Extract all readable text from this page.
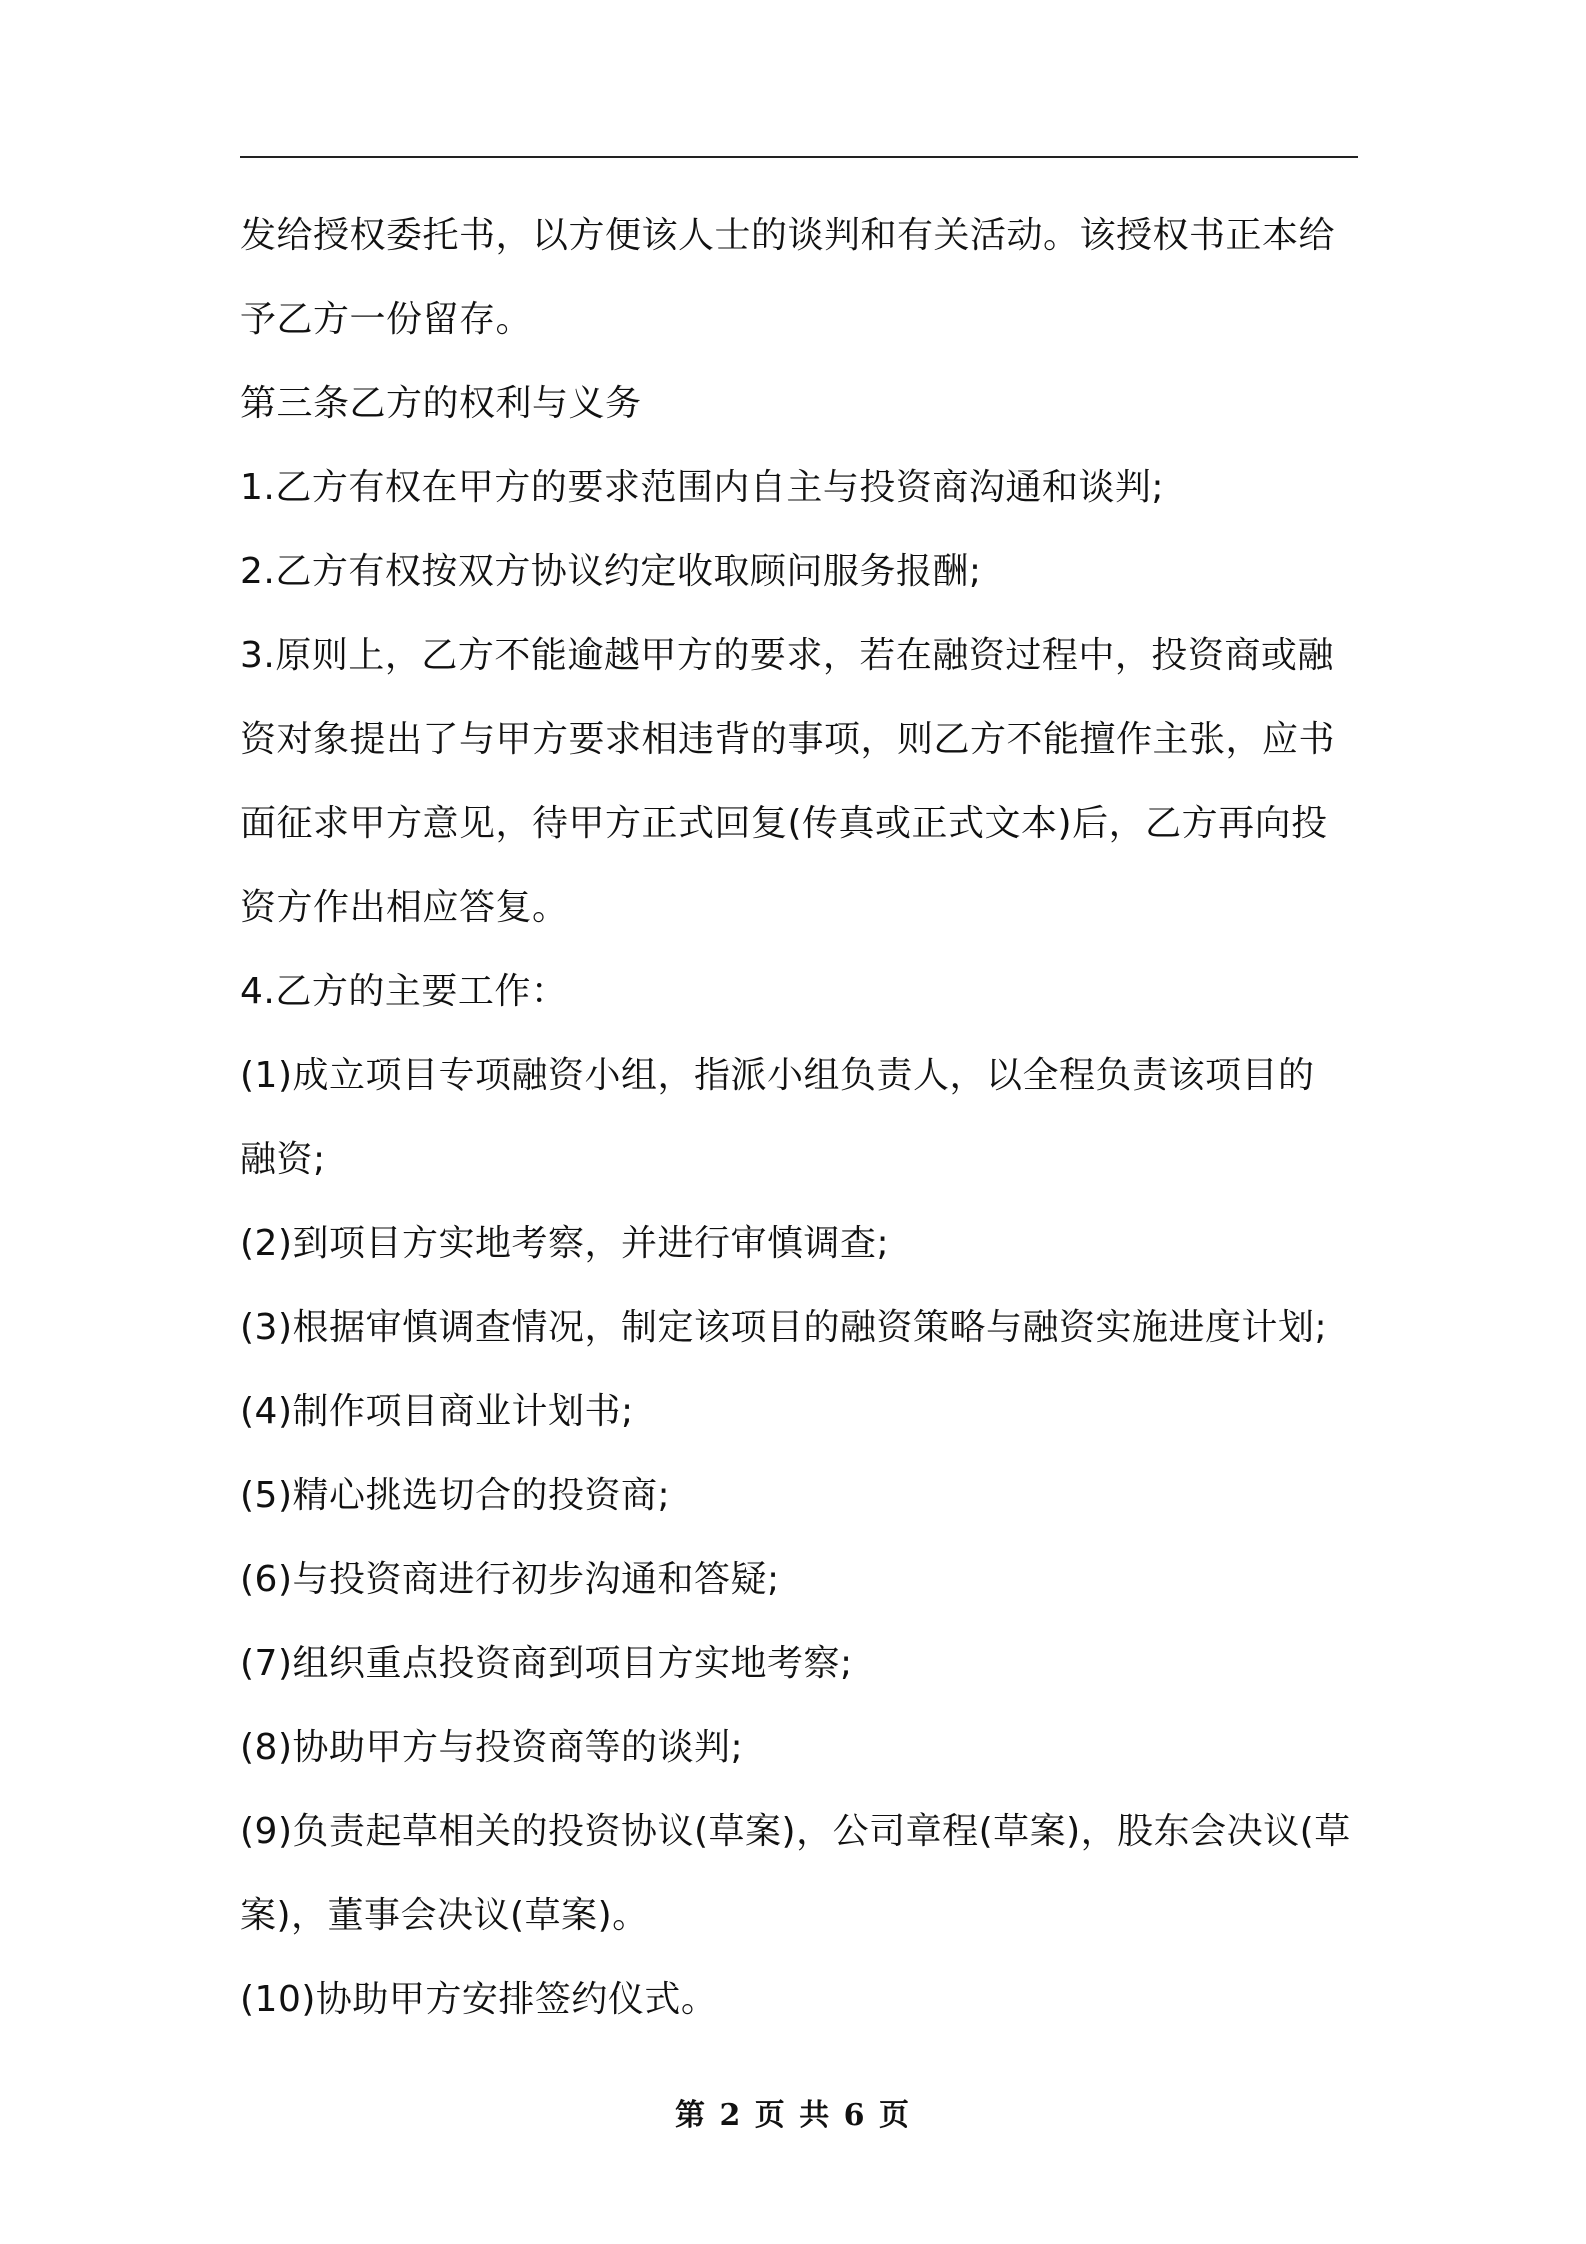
发给授权委托书，以方便该人士的谈判和有关活动。该授权书正本给

予乙方一份留存。

第三条乙方的权利与义务

1.乙方有权在甲方的要求范围内自主与投资商沟通和谈判;

2.乙方有权按双方协议约定收取顾问服务报酬;

3.原则上，乙方不能逾越甲方的要求，若在融资过程中，投资商或融

资对象提出了与甲方要求相违背的事项，则乙方不能擅作主张，应书

面征求甲方意见，待甲方正式回复(传真或正式文本)后，乙方再向投

资方作出相应答复。

4.乙方的主要工作：

(1)成立项目专项融资小组，指派小组负责人，以全程负责该项目的

融资;

(2)到项目方实地考察，并进行审慎调查;

(3)根据审慎调查情况，制定该项目的融资策略与融资实施进度计划;

(4)制作项目商业计划书;

(5)精心挑选切合的投资商;

(6)与投资商进行初步沟通和答疑;

(7)组织重点投资商到项目方实地考察;

(8)协助甲方与投资商等的谈判;

(9)负责起草相关的投资协议(草案)，公司章程(草案)，股东会决议(草

案)，董事会决议(草案)。

(10)协助甲方安排签约仪式。

第 2 页 共 6 页
